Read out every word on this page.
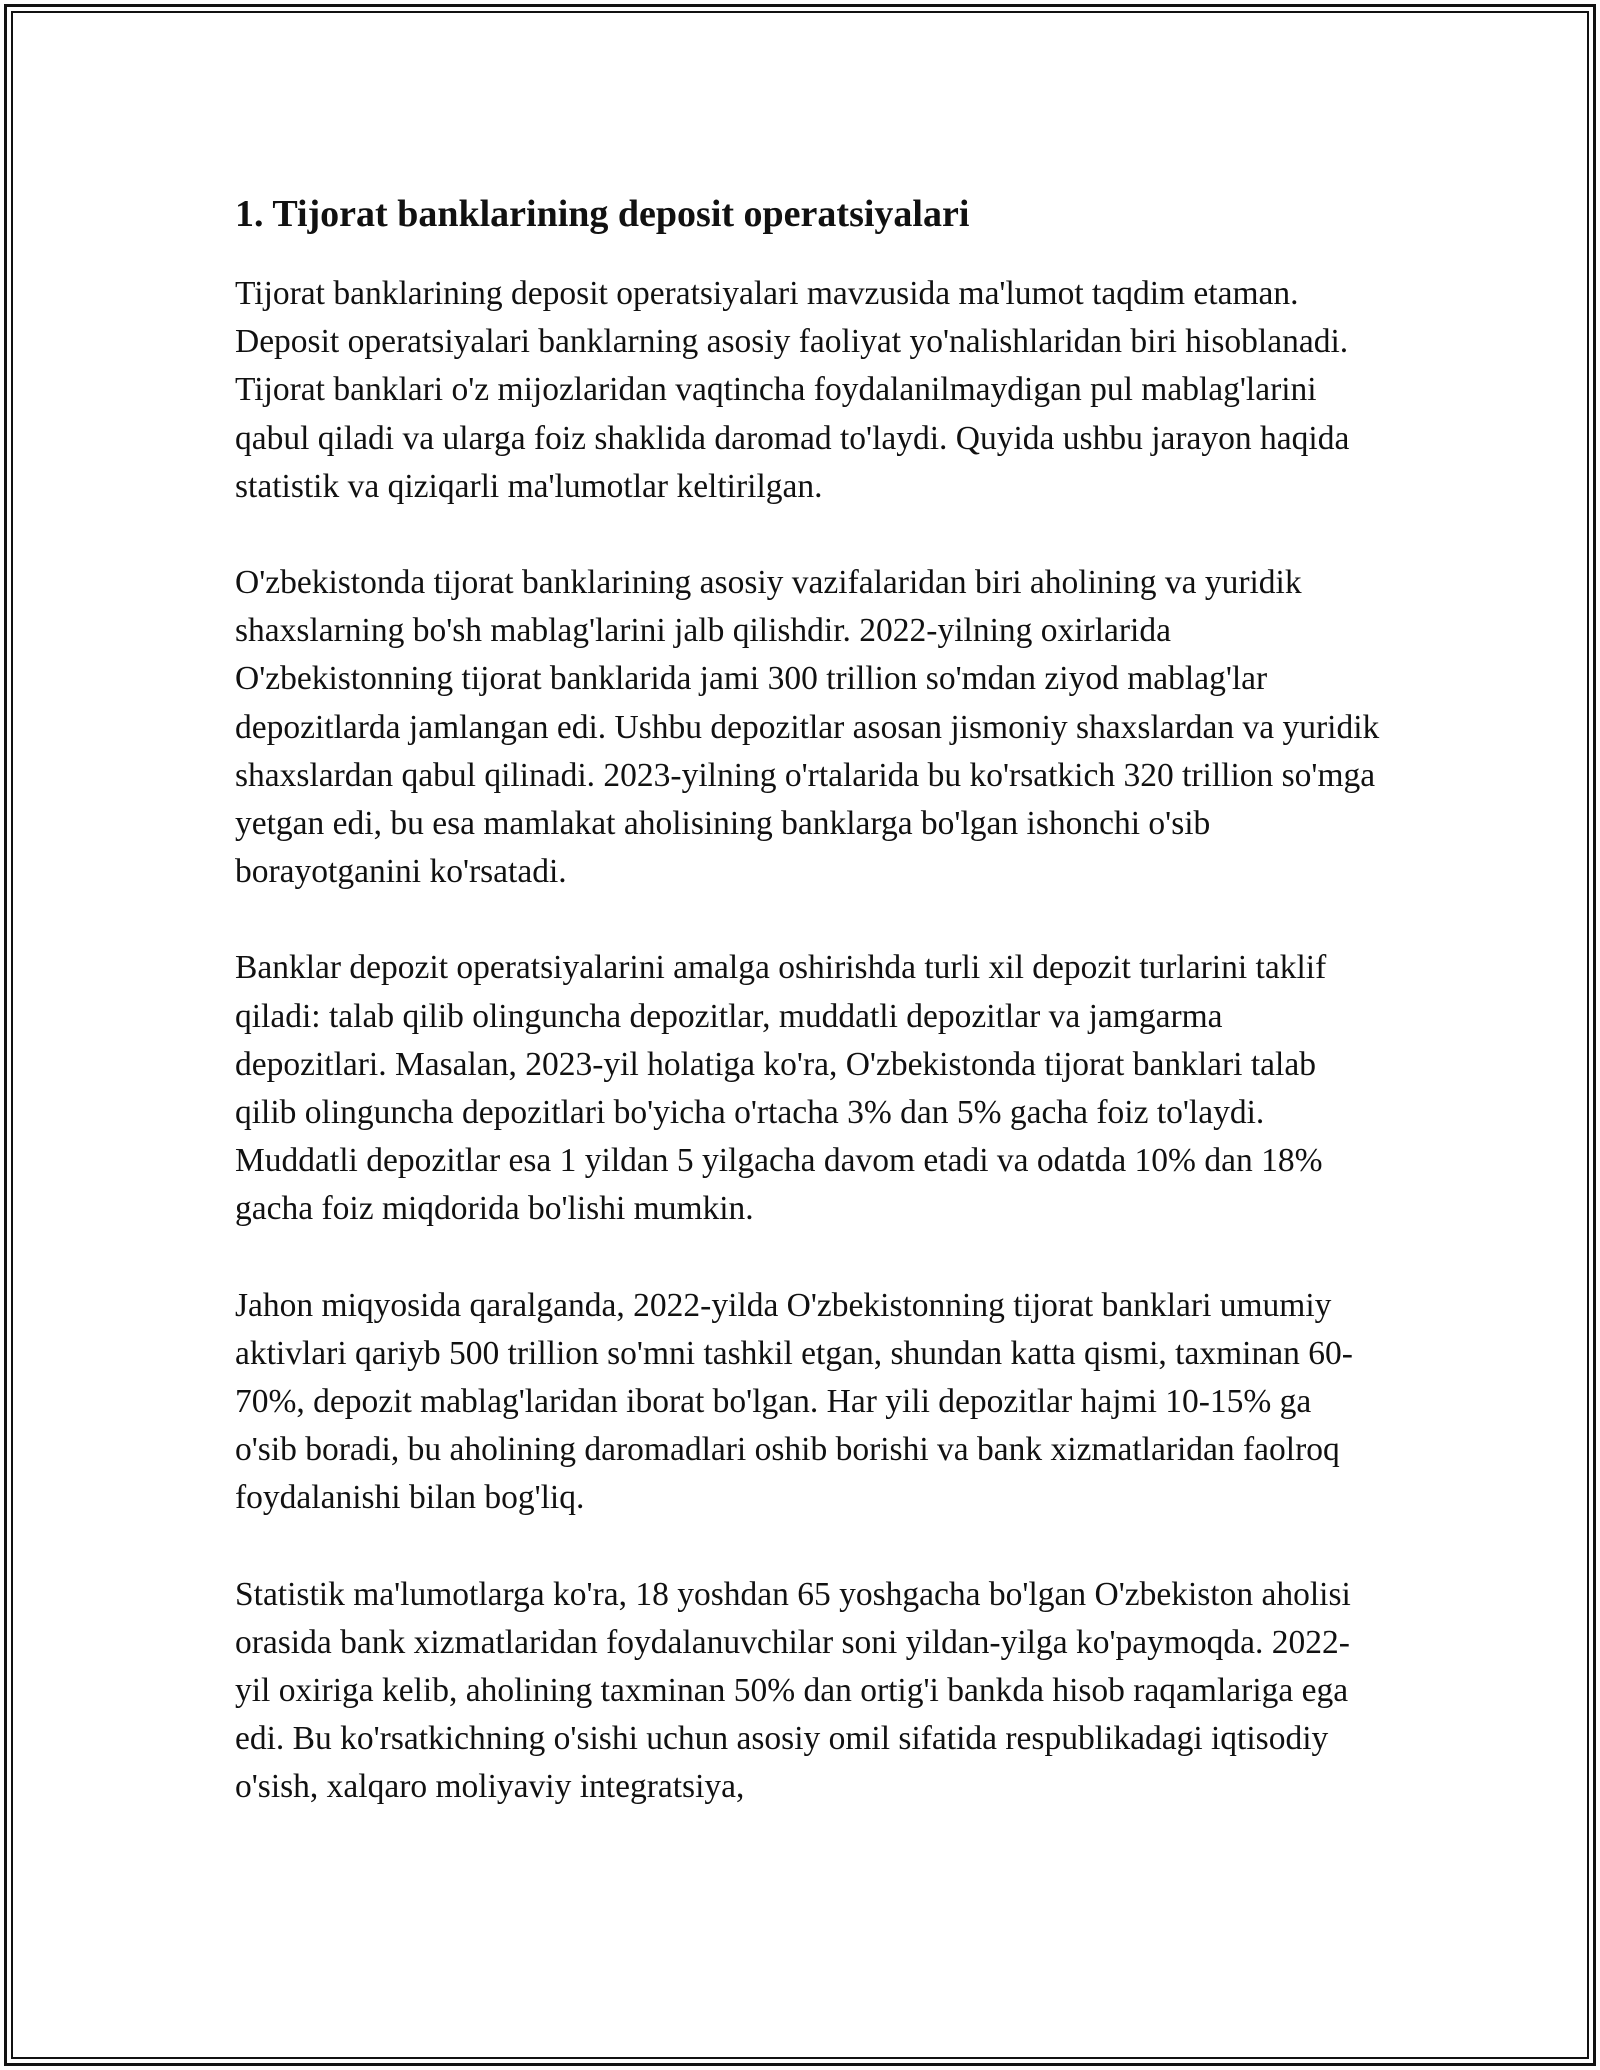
1. Tijorat banklarining deposit operatsiyalari

Tijorat banklarining deposit operatsiyalari mavzusida ma'lumot taqdim etaman. Deposit operatsiyalari banklarning asosiy faoliyat yo'nalishlaridan biri hisoblanadi. Tijorat banklari o'z mijozlaridan vaqtincha foydalanilmaydigan pul mablag'larini qabul qiladi va ularga foiz shaklida daromad to'laydi. Quyida ushbu jarayon haqida statistik va qiziqarli ma'lumotlar keltirilgan.

O'zbekistonda tijorat banklarining asosiy vazifalaridan biri aholining va yuridik shaxslarning bo'sh mablag'larini jalb qilishdir. 2022-yilning oxirlarida O'zbekistonning tijorat banklarida jami 300 trillion so'mdan ziyod mablag'lar depozitlarda jamlangan edi. Ushbu depozitlar asosan jismoniy shaxslardan va yuridik shaxslardan qabul qilinadi. 2023-yilning o'rtalarida bu ko'rsatkich 320 trillion so'mga yetgan edi, bu esa mamlakat aholisining banklarga bo'lgan ishonchi o'sib borayotganini ko'rsatadi.

Banklar depozit operatsiyalarini amalga oshirishda turli xil depozit turlarini taklif qiladi: talab qilib olinguncha depozitlar, muddatli depozitlar va jamgarma depozitlari. Masalan, 2023-yil holatiga ko'ra, O'zbekistonda tijorat banklari talab qilib olinguncha depozitlari bo'yicha o'rtacha 3% dan 5% gacha foiz to'laydi. Muddatli depozitlar esa 1 yildan 5 yilgacha davom etadi va odatda 10% dan 18% gacha foiz miqdorida bo'lishi mumkin.

Jahon miqyosida qaralganda, 2022-yilda O'zbekistonning tijorat banklari umumiy aktivlari qariyb 500 trillion so'mni tashkil etgan, shundan katta qismi, taxminan 60-70%, depozit mablag'laridan iborat bo'lgan. Har yili depozitlar hajmi 10-15% ga o'sib boradi, bu aholining daromadlari oshib borishi va bank xizmatlaridan faolroq foydalanishi bilan bog'liq.

Statistik ma'lumotlarga ko'ra, 18 yoshdan 65 yoshgacha bo'lgan O'zbekiston aholisi orasida bank xizmatlaridan foydalanuvchilar soni yildan-yilga ko'paymoqda. 2022-yil oxiriga kelib, aholining taxminan 50% dan ortig'i bankda hisob raqamlariga ega edi. Bu ko'rsatkichning o'sishi uchun asosiy omil sifatida respublikadagi iqtisodiy o'sish, xalqaro moliyaviy integratsiya,
